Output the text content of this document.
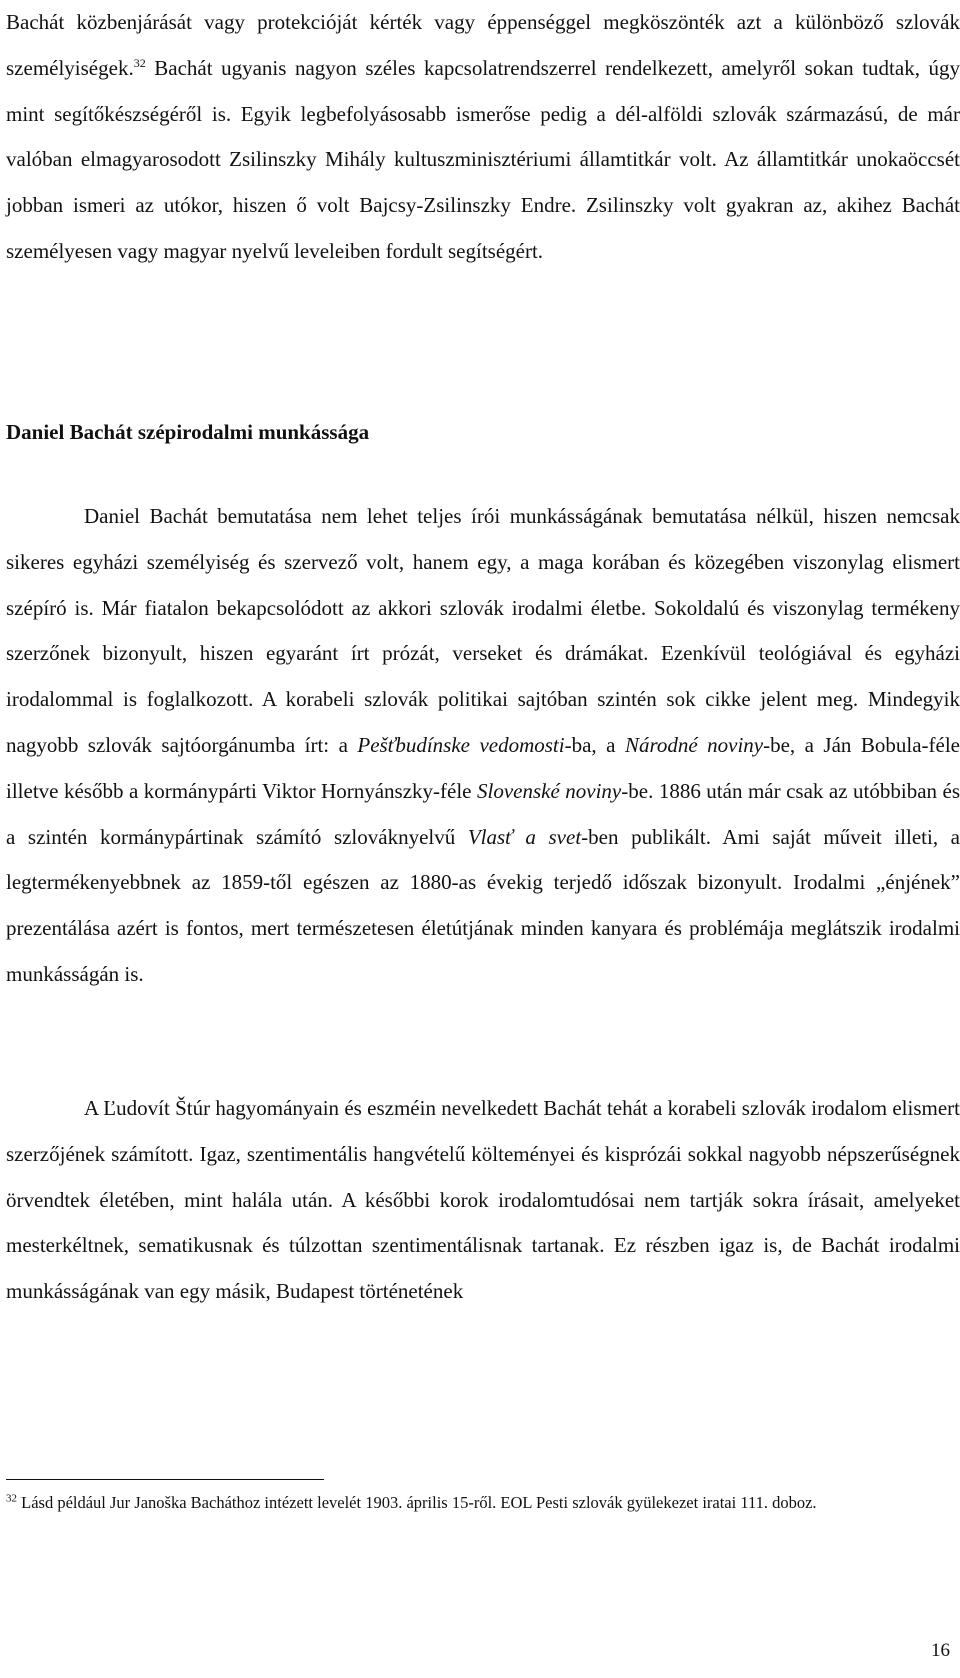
Bachát közbenjárását vagy protekcióját kérték vagy éppenséggel megköszönték azt a különböző szlovák személyiségek.$^{32}$ Bachát ugyanis nagyon széles kapcsolatrendszerrel rendelkezett, amelyről sokan tudtak, úgy mint segítőkészségéről is. Egyik legbefolyásosabb ismerőse pedig a dél-alföldi szlovák származású, de már valóban elmagyarosodott Zsilinszky Mihály kultuszminisztériumi államtitkár volt. Az államtitkár unokaöccsét jobban ismeri az utókor, hiszen ő volt Bajcsy-Zsilinszky Endre. Zsilinszky volt gyakran az, akihez Bachát személyesen vagy magyar nyelvű leveleiben fordult segítségért.

Daniel Bachát szépirodalmi munkássága

Daniel Bachát bemutatása nem lehet teljes írói munkásságának bemutatása nélkül, hiszen nemcsak sikeres egyházi személyiség és szervező volt, hanem egy, a maga korában és közegében viszonylag elismert szépíró is. Már fiatalon bekapcsolódott az akkori szlovák irodalmi életbe. Sokoldalú és viszonylag termékeny szerzőnek bizonyult, hiszen egyaránt írt prózát, verseket és drámákat. Ezenkívül teológiával és egyházi irodalommal is foglalkozott. A korabeli szlovák politikai sajtóban szintén sok cikke jelent meg. Mindegyik nagyobb szlovák sajtóorgánumba írt: a Pešťbudínske vedomosti-ba, a Národné noviny-be, a Ján Bobula-féle illetve később a kormánypárti Viktor Hornyánszky-féle Slovenské noviny-be. 1886 után már csak az utóbbiban és a szintén kormánypártinak számító szlováknyelvű Vlasť a svet-ben publikált. Ami saját műveit illeti, a legtermékenyebbnek az 1859-től egészen az 1880-as évekig terjedő időszak bizonyult. Irodalmi „énjének” prezentálása azért is fontos, mert természetesen életútjának minden kanyara és problémája meglátszik irodalmi munkásságán is.

A Ľudovít Štúr hagyományain és eszméin nevelkedett Bachát tehát a korabeli szlovák irodalom elismert szerzőjének számított. Igaz, szentimentális hangvételű költeményei és kisprózái sokkal nagyobb népszerűségnek örvendtek életében, mint halála után. A későbbi korok irodalomtudósai nem tartják sokra írásait, amelyeket mesterkéltnek, sematikusnak és túlzottan szentimentálisnak tartanak. Ez részben igaz is, de Bachát irodalmi munkásságának van egy másik, Budapest történetének

$^{32}$ Lásd például Jur Janoška Bacháthoz intézett levelét 1903. április 15-ről. EOL Pesti szlovák gyülekezet iratai 111. doboz.

16
